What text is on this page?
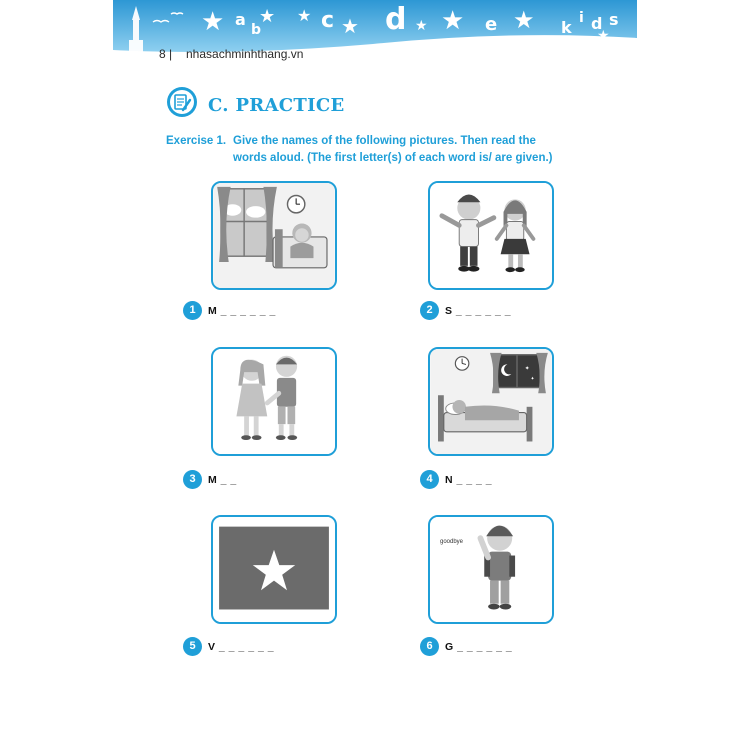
★ a
b
★ ★ c ★ d ★ ★ e ★ k i d s
★
8 | nhasachminhthang.vn
C. PRACTICE
Exercise 1. Give the names of the following pictures. Then read the
words aloud. (The first letter(s) of each word is/ are given.)
1	M _ _ _ _ _ _	2	S _ _ _ _ _ _
3	M _ _
✦
✦
4	N _ _ _ _
5	V _ _ _ _ _ _
goodbye
6	G _ _ _ _ _ _
